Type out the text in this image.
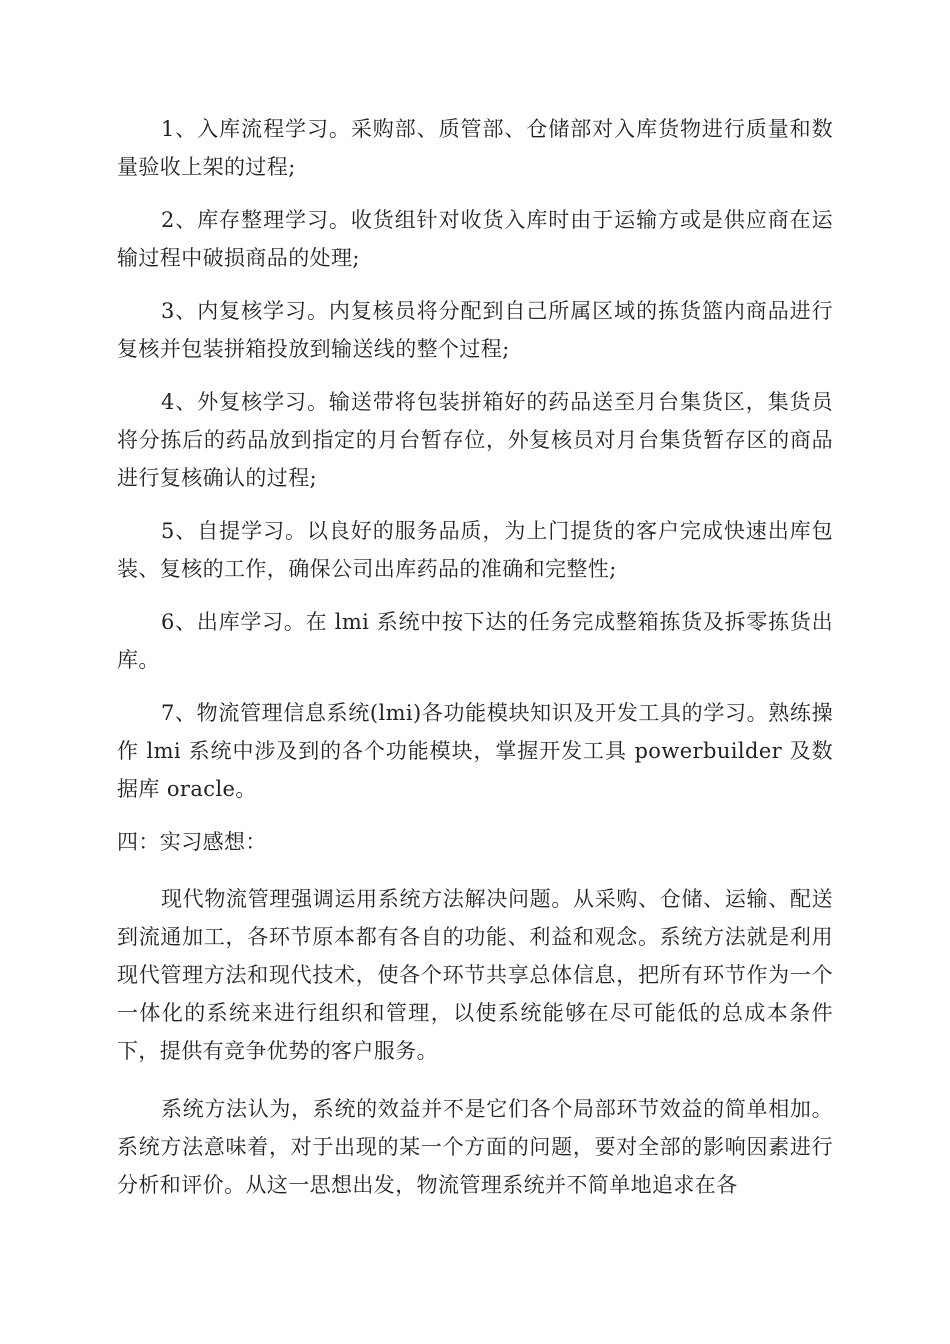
1、入库流程学习。采购部、质管部、仓储部对入库货物进行质量和数量验收上架的过程;

2、库存整理学习。收货组针对收货入库时由于运输方或是供应商在运输过程中破损商品的处理;

3、内复核学习。内复核员将分配到自己所属区域的拣货篮内商品进行复核并包装拼箱投放到输送线的整个过程;

4、外复核学习。输送带将包装拼箱好的药品送至月台集货区，集货员将分拣后的药品放到指定的月台暂存位，外复核员对月台集货暂存区的商品进行复核确认的过程;

5、自提学习。以良好的服务品质，为上门提货的客户完成快速出库包装、复核的工作，确保公司出库药品的准确和完整性;

6、出库学习。在 lmi 系统中按下达的任务完成整箱拣货及拆零拣货出库。

7、物流管理信息系统(lmi)各功能模块知识及开发工具的学习。熟练操作 lmi 系统中涉及到的各个功能模块，掌握开发工具 powerbuilder 及数据库 oracle。

四：实习感想：

现代物流管理强调运用系统方法解决问题。从采购、仓储、运输、配送到流通加工，各环节原本都有各自的功能、利益和观念。系统方法就是利用现代管理方法和现代技术，使各个环节共享总体信息，把所有环节作为一个一体化的系统来进行组织和管理，以使系统能够在尽可能低的总成本条件下，提供有竞争优势的客户服务。

系统方法认为，系统的效益并不是它们各个局部环节效益的简单相加。系统方法意味着，对于出现的某一个方面的问题，要对全部的影响因素进行分析和评价。从这一思想出发，物流管理系统并不简单地追求在各
